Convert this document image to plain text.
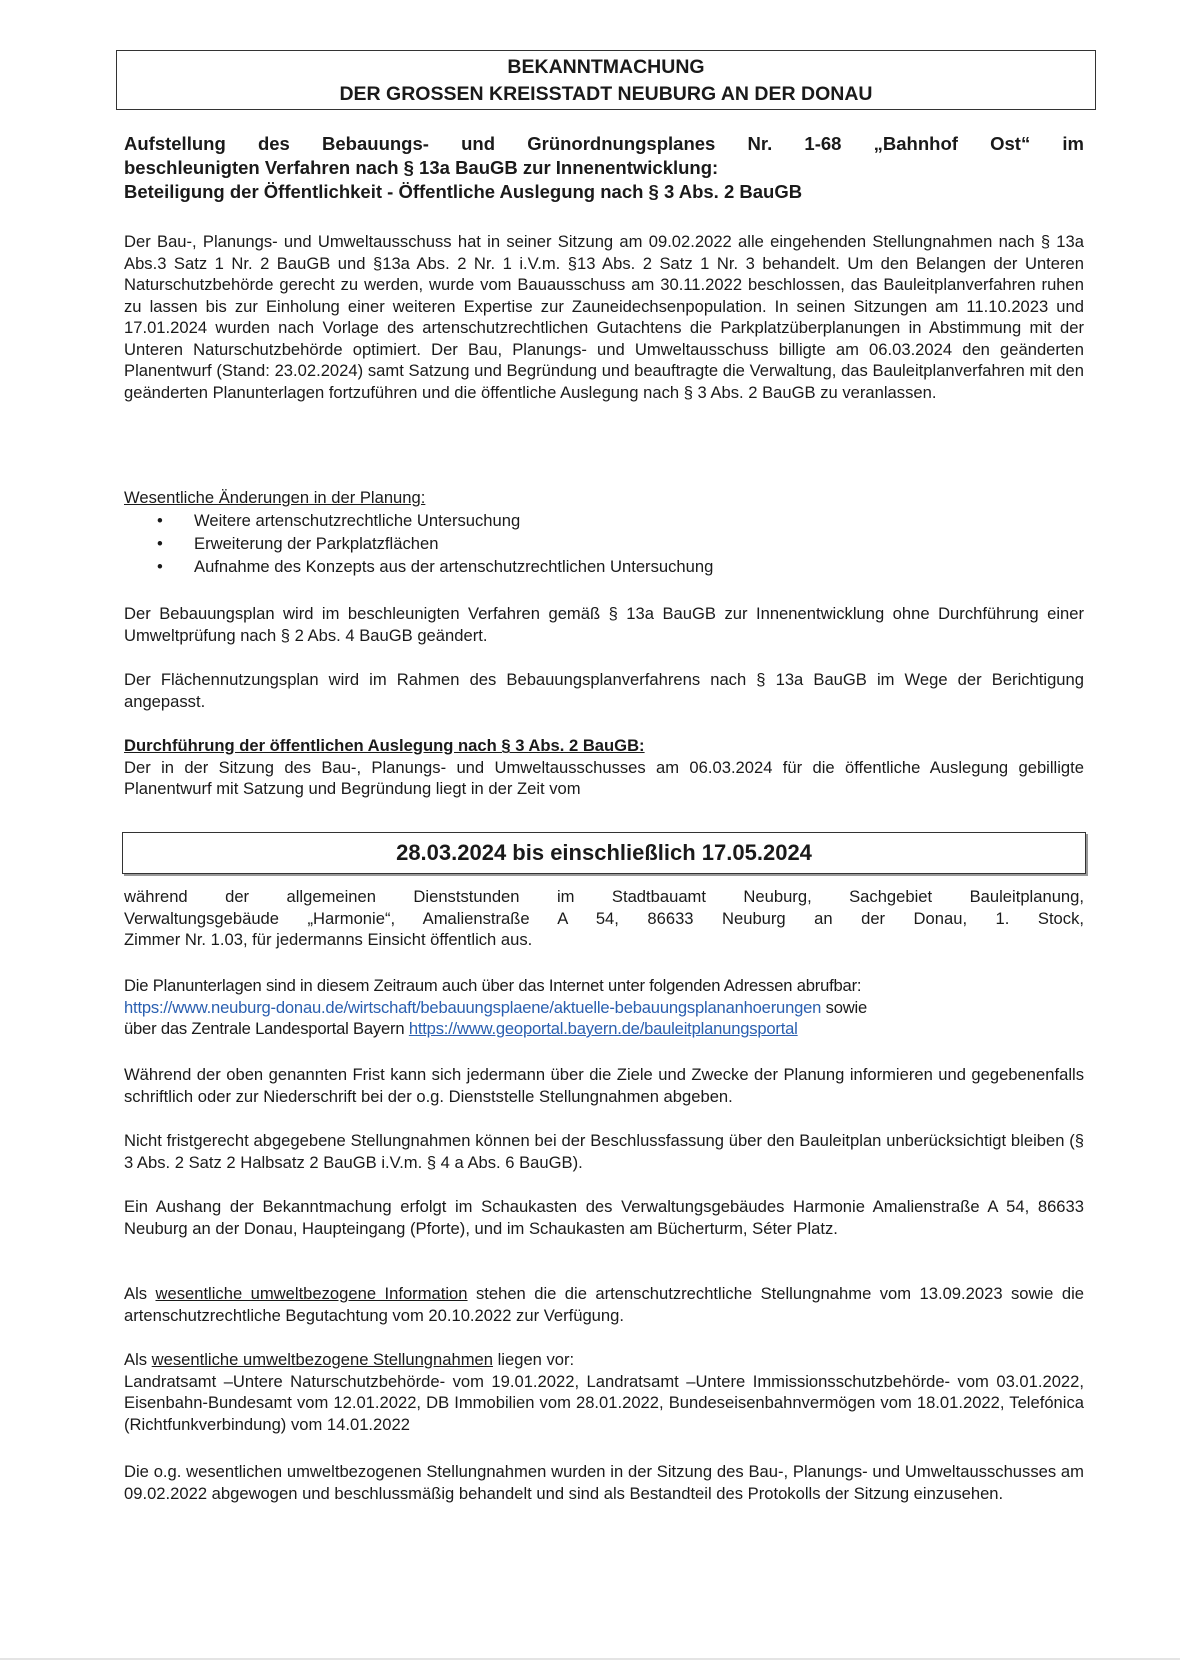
BEKANNTMACHUNG
DER GROSSEN KREISSTADT NEUBURG AN DER DONAU
Aufstellung des Bebauungs- und Grünordnungsplanes Nr. 1-68 „Bahnhof Ost“ im
beschleunigten Verfahren nach § 13a BauGB zur Innenentwicklung:
Beteiligung der Öffentlichkeit - Öffentliche Auslegung nach § 3 Abs. 2 BauGB
Der Bau-, Planungs- und Umweltausschuss hat in seiner Sitzung am 09.02.2022 alle eingehenden Stellungnahmen nach § 13a Abs.3 Satz 1 Nr. 2 BauGB und §13a Abs. 2 Nr. 1 i.V.m. §13 Abs. 2 Satz 1 Nr. 3 behandelt. Um den Belangen der Unteren Naturschutzbehörde gerecht zu werden, wurde vom Bauausschuss am 30.11.2022 beschlossen, das Bauleitplanverfahren ruhen zu lassen bis zur Einholung einer weiteren Expertise zur Zauneidechsenpopulation. In seinen Sitzungen am 11.10.2023 und 17.01.2024 wurden nach Vorlage des artenschutzrechtlichen Gutachtens die Parkplatzüberplanungen in Abstimmung mit der Unteren Naturschutzbehörde optimiert. Der Bau, Planungs- und Umweltausschuss billigte am 06.03.2024 den geänderten Planentwurf (Stand: 23.02.2024) samt Satzung und Begründung und beauftragte die Verwaltung, das Bauleitplanverfahren mit den geänderten Planunterlagen fortzuführen und die öffentliche Auslegung nach § 3 Abs. 2 BauGB zu veranlassen.
Wesentliche Änderungen in der Planung:
• Weitere artenschutzrechtliche Untersuchung
• Erweiterung der Parkplatzflächen
• Aufnahme des Konzepts aus der artenschutzrechtlichen Untersuchung
Der Bebauungsplan wird im beschleunigten Verfahren gemäß § 13a BauGB zur Innenentwicklung ohne Durchführung einer Umweltprüfung nach § 2 Abs. 4 BauGB geändert.
Der Flächennutzungsplan wird im Rahmen des Bebauungsplanverfahrens nach § 13a BauGB im Wege der Berichtigung angepasst.
Durchführung der öffentlichen Auslegung nach § 3 Abs. 2 BauGB:
Der in der Sitzung des Bau-, Planungs- und Umweltausschusses am 06.03.2024 für die öffentliche Auslegung gebilligte Planentwurf mit Satzung und Begründung liegt in der Zeit vom
28.03.2024 bis einschließlich 17.05.2024
während der allgemeinen Dienststunden im Stadtbauamt Neuburg, Sachgebiet Bauleitplanung,
Verwaltungsgebäude „Harmonie“, Amalienstraße A 54, 86633 Neuburg an der Donau, 1. Stock,
Zimmer Nr. 1.03, für jedermanns Einsicht öffentlich aus.
Die Planunterlagen sind in diesem Zeitraum auch über das Internet unter folgenden Adressen abrufbar:
https://www.neuburg-donau.de/wirtschaft/bebauungsplaene/aktuelle-bebauungsplananhoerungen sowie
über das Zentrale Landesportal Bayern https://www.geoportal.bayern.de/bauleitplanungsportal
Während der oben genannten Frist kann sich jedermann über die Ziele und Zwecke der Planung informieren und gegebenenfalls schriftlich oder zur Niederschrift bei der o.g. Dienststelle Stellungnahmen abgeben.
Nicht fristgerecht abgegebene Stellungnahmen können bei der Beschlussfassung über den Bauleitplan unberücksichtigt bleiben (§ 3 Abs. 2 Satz 2 Halbsatz 2 BauGB i.V.m. § 4 a Abs. 6 BauGB).
Ein Aushang der Bekanntmachung erfolgt im Schaukasten des Verwaltungsgebäudes Harmonie Amalienstraße A 54, 86633 Neuburg an der Donau, Haupteingang (Pforte), und im Schaukasten am Bücherturm, Séter Platz.
Als wesentliche umweltbezogene Information stehen die die artenschutzrechtliche Stellungnahme vom 13.09.2023 sowie die artenschutzrechtliche Begutachtung vom 20.10.2022 zur Verfügung.
Als wesentliche umweltbezogene Stellungnahmen liegen vor:
Landratsamt –Untere Naturschutzbehörde- vom 19.01.2022, Landratsamt –Untere Immissionsschutzbehörde- vom 03.01.2022, Eisenbahn-Bundesamt vom 12.01.2022, DB Immobilien vom 28.01.2022, Bundeseisenbahnvermögen vom 18.01.2022, Telefónica (Richtfunkverbindung) vom 14.01.2022
Die o.g. wesentlichen umweltbezogenen Stellungnahmen wurden in der Sitzung des Bau-, Planungs- und Umweltausschusses am 09.02.2022 abgewogen und beschlussmäßig behandelt und sind als Bestandteil des Protokolls der Sitzung einzusehen.
